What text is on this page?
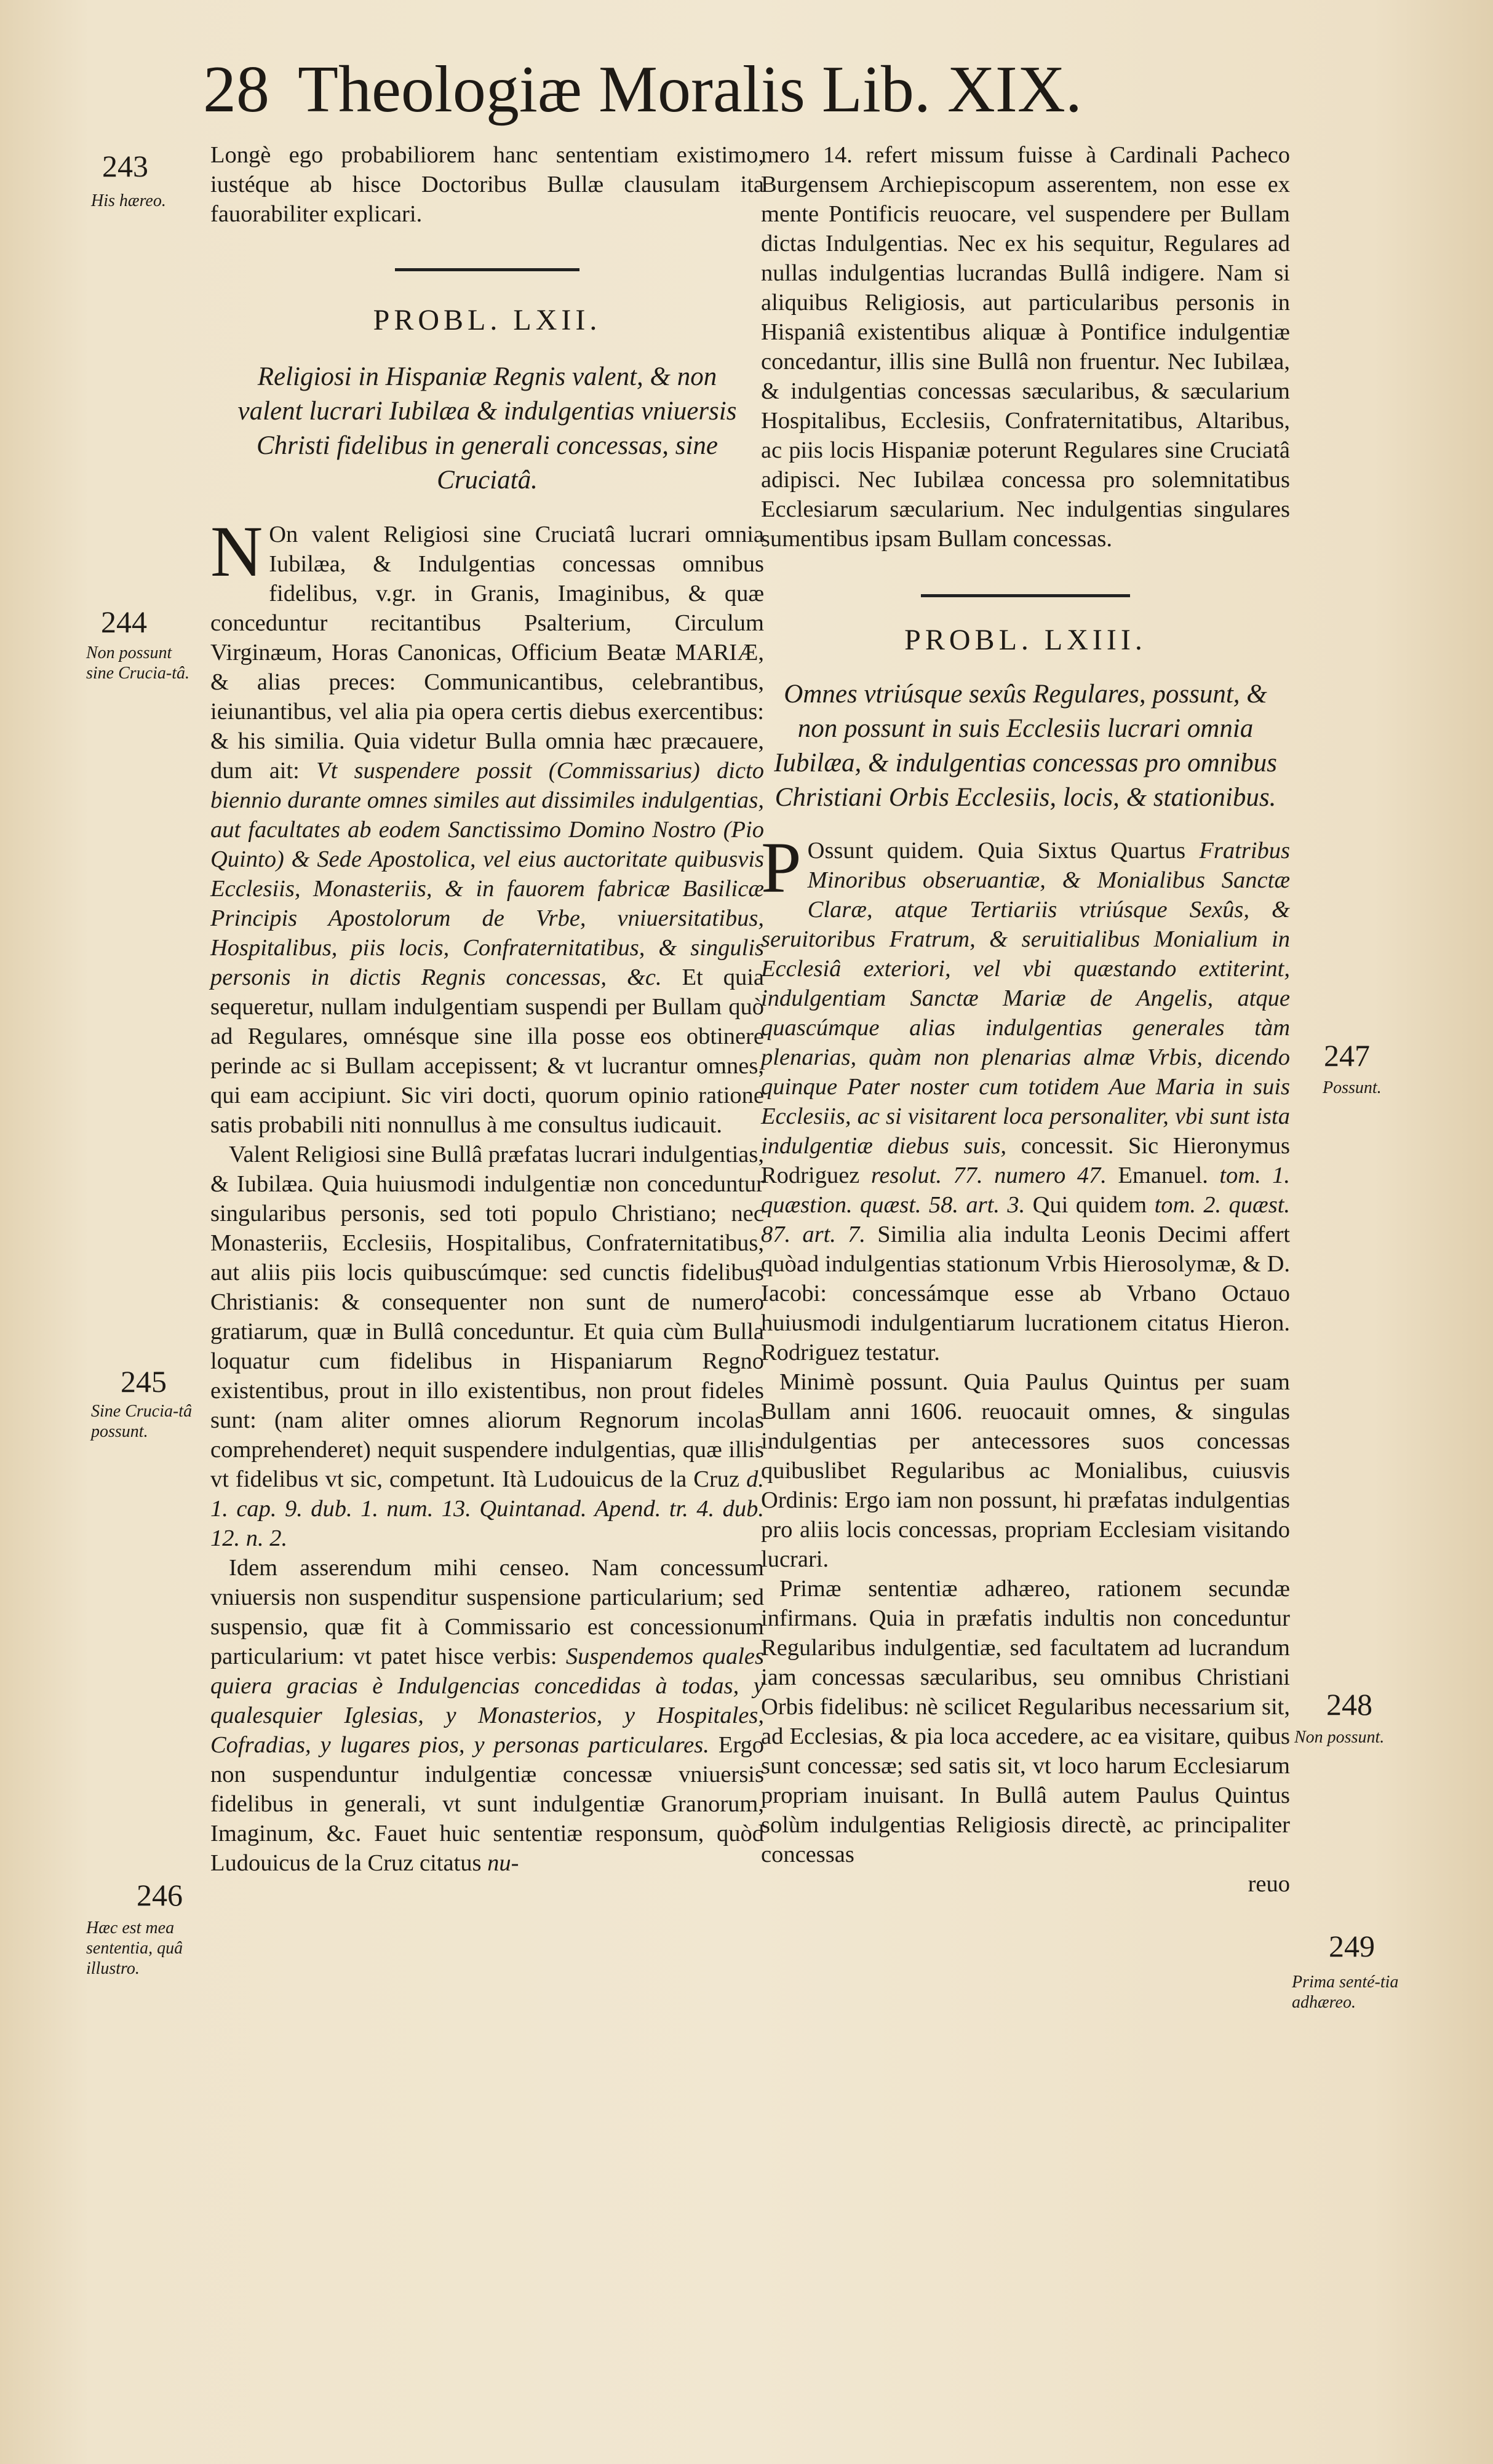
28 Theologiæ Moralis Lib. XIX.

Longè ego probabiliorem hanc sententiam existimo, iustéque ab hisce Doctoribus Bullæ clausulam ita fauorabiliter explicari.

PROBL. LXII.

Religiosi in Hispaniæ Regnis valent, & non valent lucrari Iubilæa & indulgentias vniuersis Christi fidelibus in generali concessas, sine Cruciatâ.

N On valent Religiosi sine Cruciatâ lucrari omnia Iubilæa, & Indulgentias concessas omnibus fidelibus, v.gr. in Granis, Imaginibus, & quæ conceduntur recitantibus Psalterium, Circulum Virginæum, Horas Canonicas, Officium Beatæ MARIÆ, & alias preces: Communicantibus, celebrantibus, ieiunantibus, vel alia pia opera certis diebus exercentibus: & his similia. Quia videtur Bulla omnia hæc præcauere, dum ait: Vt suspendere possit (Commissarius) dicto biennio durante omnes similes aut dissimiles indulgentias, aut facultates ab eodem Sanctissimo Domino Nostro (Pio Quinto) & Sede Apostolica, vel eius auctoritate quibusvis Ecclesiis, Monasteriis, & in fauorem fabricæ Basilicæ Principis Apostolorum de Vrbe, vniuersitatibus, Hospitalibus, piis locis, Confraternitatibus, & singulis personis in dictis Regnis concessas, &c. Et quia sequeretur, nullam indulgentiam suspendi per Bullam quò ad Regulares, omnésque sine illa posse eos obtinere perinde ac si Bullam accepissent; & vt lucrantur omnes, qui eam accipiunt. Sic viri docti, quorum opinio ratione satis probabili niti nonnullus à me consultus iudicauit.

Valent Religiosi sine Bullâ præfatas lucrari indulgentias, & Iubilæa. Quia huiusmodi indulgentiæ non conceduntur singularibus personis, sed toti populo Christiano; nec Monasteriis, Ecclesiis, Hospitalibus, Confraternitatibus, aut aliis piis locis quibuscúmque: sed cunctis fidelibus Christianis: & consequenter non sunt de numero gratiarum, quæ in Bullâ conceduntur. Et quia cùm Bulla loquatur cum fidelibus in Hispaniarum Regno existentibus, prout in illo existentibus, non prout fideles sunt: (nam aliter omnes aliorum Regnorum incolas comprehenderet) nequit suspendere indulgentias, quæ illis vt fidelibus vt sic, competunt. Ità Ludouicus de la Cruz d. 1. cap. 9. dub. 1. num. 13. Quintanad. Apend. tr. 4. dub. 12. n. 2.

Idem asserendum mihi censeo. Nam concessum vniuersis non suspenditur suspensione particularium; sed suspensio, quæ fit à Commissario est concessionum particularium: vt patet hisce verbis: Suspendemos quales quiera gracias è Indulgencias concedidas à todas, y qualesquier Iglesias, y Monasterios, y Hospitales, Cofradias, y lugares pios, y personas particulares. Ergo non suspenduntur indulgentiæ concessæ vniuersis fidelibus in generali, vt sunt indulgentiæ Granorum, Imaginum, &c. Fauet huic sententiæ responsum, quòd Ludouicus de la Cruz citatus nu-

mero 14. refert missum fuisse à Cardinali Pacheco Burgensem Archiepiscopum asserentem, non esse ex mente Pontificis reuocare, vel suspendere per Bullam dictas Indulgentias. Nec ex his sequitur, Regulares ad nullas indulgentias lucrandas Bullâ indigere. Nam si aliquibus Religiosis, aut particularibus personis in Hispaniâ existentibus aliquæ à Pontifice indulgentiæ concedantur, illis sine Bullâ non fruentur. Nec Iubilæa, & indulgentias concessas sæcularibus, & sæcularium Hospitalibus, Ecclesiis, Confraternitatibus, Altaribus, ac piis locis Hispaniæ poterunt Regulares sine Cruciatâ adipisci. Nec Iubilæa concessa pro solemnitatibus Ecclesiarum sæcularium. Nec indulgentias singulares sumentibus ipsam Bullam concessas.

PROBL. LXIII.

Omnes vtriúsque sexûs Regulares, possunt, & non possunt in suis Ecclesiis lucrari omnia Iubilæa, & indulgentias concessas pro omnibus Christiani Orbis Ecclesiis, locis, & stationibus.

P Ossunt quidem. Quia Sixtus Quartus Fratribus Minoribus obseruantiæ, & Monialibus Sanctæ Claræ, atque Tertiariis vtriúsque Sexûs, & seruitoribus Fratrum, & seruitialibus Monialium in Ecclesiâ exteriori, vel vbi quæstando extiterint, indulgentiam Sanctæ Mariæ de Angelis, atque quascúmque alias indulgentias generales tàm plenarias, quàm non plenarias almæ Vrbis, dicendo quinque Pater noster cum totidem Aue Maria in suis Ecclesiis, ac si visitarent loca personaliter, vbi sunt ista indulgentiæ diebus suis, concessit. Sic Hieronymus Rodriguez resolut. 77. numero 47. Emanuel. tom. 1. quæstion. quæst. 58. art. 3. Qui quidem tom. 2. quæst. 87. art. 7. Similia alia indulta Leonis Decimi affert quòad indulgentias stationum Vrbis Hierosolymæ, & D. Iacobi: concessámque esse ab Vrbano Octauo huiusmodi indulgentiarum lucrationem citatus Hieron. Rodriguez testatur.

Minimè possunt. Quia Paulus Quintus per suam Bullam anni 1606. reuocauit omnes, & singulas indulgentias per antecessores suos concessas quibuslibet Regularibus ac Monialibus, cuiusvis Ordinis: Ergo iam non possunt, hi præfatas indulgentias pro aliis locis concessas, propriam Ecclesiam visitando lucrari.

Primæ sententiæ adhæreo, rationem secundæ infirmans. Quia in præfatis indultis non conceduntur Regularibus indulgentiæ, sed facultatem ad lucrandum iam concessas sæcularibus, seu omnibus Christiani Orbis fidelibus: nè scilicet Regularibus necessarium sit, ad Ecclesias, & pia loca accedere, ac ea visitare, quibus sunt concessæ; sed satis sit, vt loco harum Ecclesiarum propriam inuisant. In Bullâ autem Paulus Quintus solùm indulgentias Religiosis directè, ac principaliter concessas

reuo

243
His hæreo.
244
Non possunt sine Crucia-tâ.
245
Sine Crucia-tâ possunt.
246
Hæc est mea sententia, quâ illustro.
247
Possunt.
248
Non possunt.
249
Prima senté-tia adhæreo.
